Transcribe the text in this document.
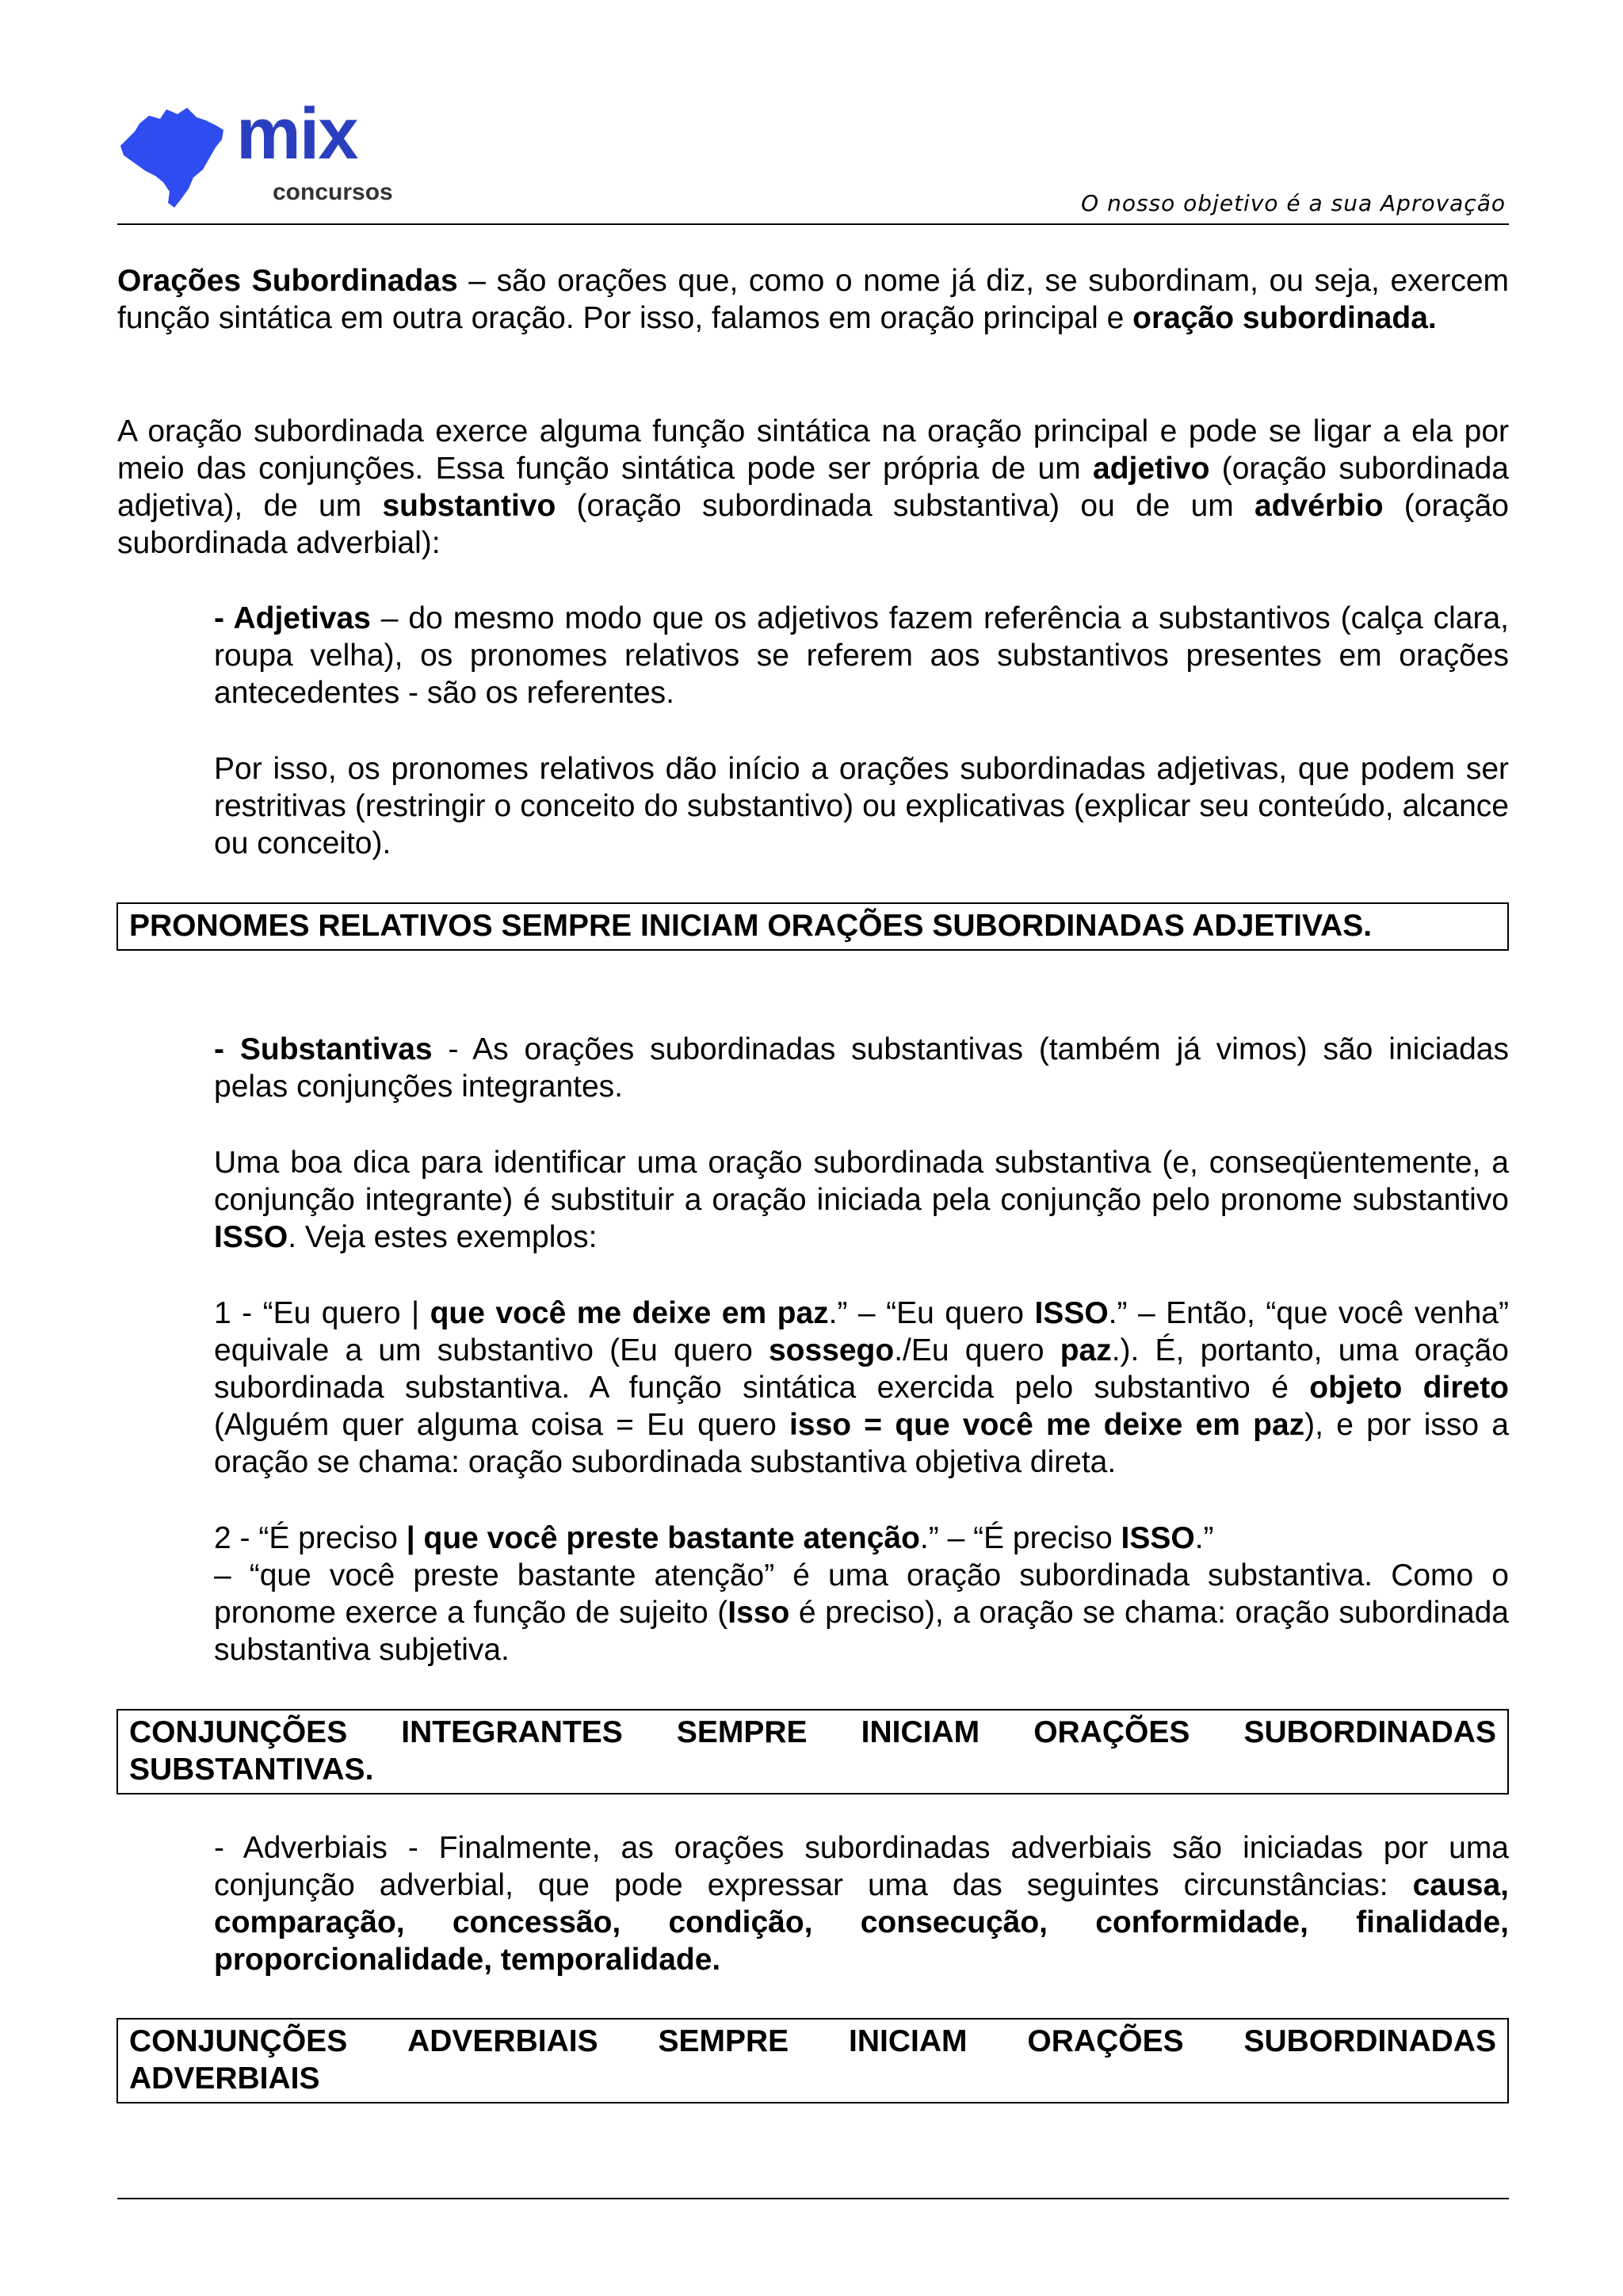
mix
concursos	O nosso objetivo é a sua Aprovação

Orações Subordinadas – são orações que, como o nome já diz, se subordinam, ou seja, exercem função sintática em outra oração. Por isso, falamos em oração principal e oração subordinada.

A oração subordinada exerce alguma função sintática na oração principal e pode se ligar a ela por meio das conjunções. Essa função sintática pode ser própria de um adjetivo (oração subordinada adjetiva), de um substantivo (oração subordinada substantiva) ou de um advérbio (oração subordinada adverbial):

- Adjetivas – do mesmo modo que os adjetivos fazem referência a substantivos (calça clara, roupa velha), os pronomes relativos se referem aos substantivos presentes em orações antecedentes - são os referentes.

Por isso, os pronomes relativos dão início a orações subordinadas adjetivas, que podem ser restritivas (restringir o conceito do substantivo) ou explicativas (explicar seu conteúdo, alcance ou conceito).

PRONOMES RELATIVOS SEMPRE INICIAM ORAÇÕES SUBORDINADAS ADJETIVAS.

- Substantivas - As orações subordinadas substantivas (também já vimos) são iniciadas pelas conjunções integrantes.

Uma boa dica para identificar uma oração subordinada substantiva (e, conseqüentemente, a conjunção integrante) é substituir a oração iniciada pela conjunção pelo pronome substantivo ISSO. Veja estes exemplos:

1 - “Eu quero | que você me deixe em paz.” – “Eu quero ISSO.” – Então, “que você venha” equivale a um substantivo (Eu quero sossego./Eu quero paz.). É, portanto, uma oração subordinada substantiva. A função sintática exercida pelo substantivo é objeto direto (Alguém quer alguma coisa = Eu quero isso = que você me deixe em paz), e por isso a oração se chama: oração subordinada substantiva objetiva direta.

2 - “É preciso | que você preste bastante atenção.” – “É preciso ISSO.”

– “que você preste bastante atenção” é uma oração subordinada substantiva. Como o pronome exerce a função de sujeito (Isso é preciso), a oração se chama: oração subordinada substantiva subjetiva.

CONJUNÇÕES INTEGRANTES SEMPRE INICIAM ORAÇÕES SUBORDINADAS
SUBSTANTIVAS.

- Adverbiais - Finalmente, as orações subordinadas adverbiais são iniciadas por uma conjunção adverbial, que pode expressar uma das seguintes circunstâncias: causa, comparação, concessão, condição, consecução, conformidade, finalidade, proporcionalidade, temporalidade.

CONJUNÇÕES ADVERBIAIS SEMPRE INICIAM ORAÇÕES SUBORDINADAS
ADVERBIAIS
